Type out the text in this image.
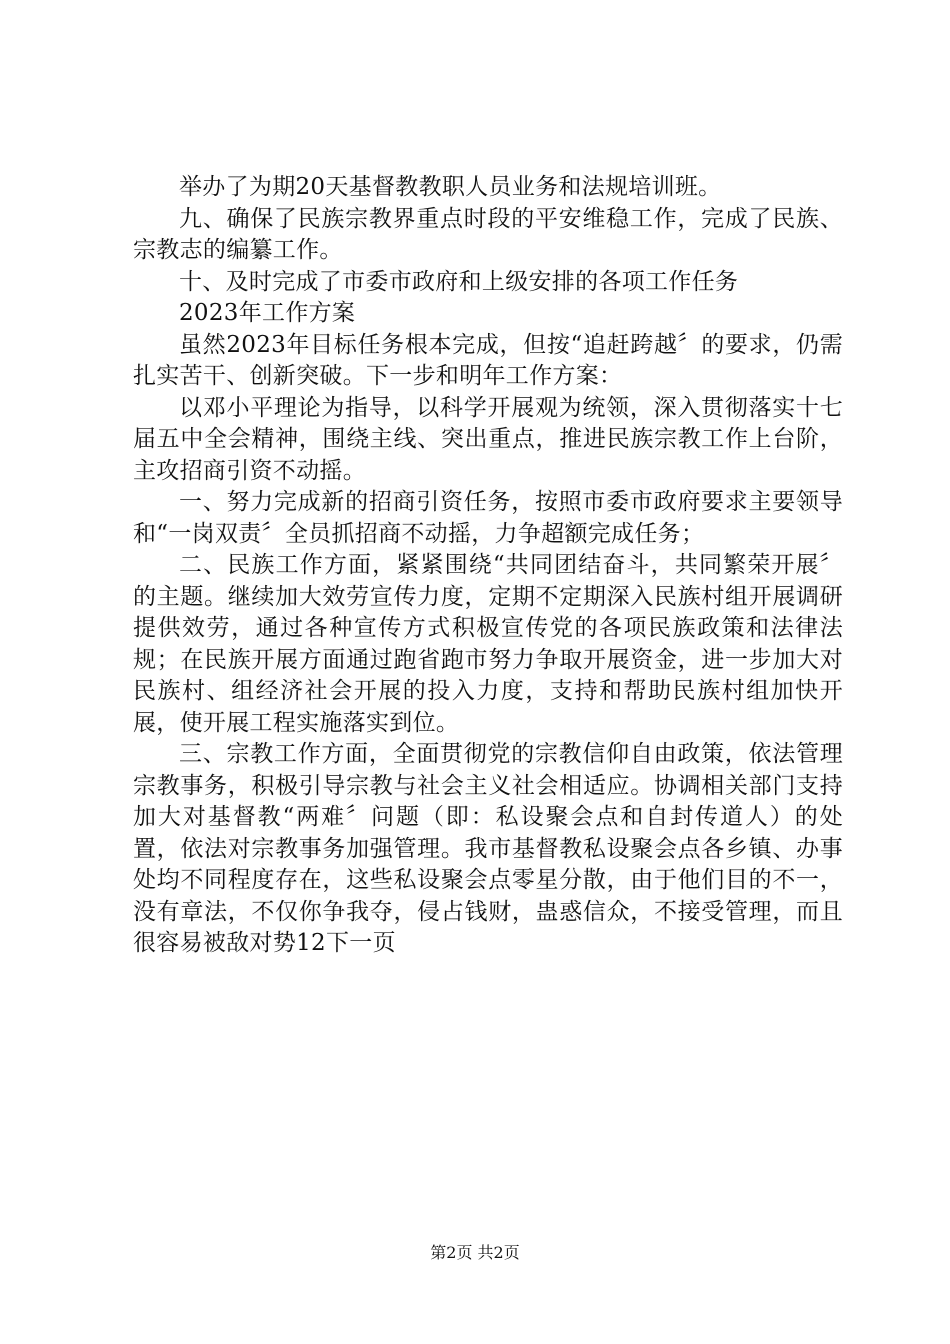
举办了为期20天基督教教职人员业务和法规培训班。

九、确保了民族宗教界重点时段的平安维稳工作，完成了民族、宗教志的编纂工作。

十、及时完成了市委市政府和上级安排的各项工作任务

2023年工作方案

虽然2023年目标任务根本完成，但按“追赶跨越〞的要求，仍需扎实苦干、创新突破。下一步和明年工作方案：

以邓小平理论为指导，以科学开展观为统领，深入贯彻落实十七届五中全会精神，围绕主线、突出重点，推进民族宗教工作上台阶，主攻招商引资不动摇。

一、努力完成新的招商引资任务，按照市委市政府要求主要领导和“一岗双责〞全员抓招商不动摇，力争超额完成任务；

二、民族工作方面，紧紧围绕“共同团结奋斗，共同繁荣开展〞的主题。继续加大效劳宣传力度，定期不定期深入民族村组开展调研提供效劳，通过各种宣传方式积极宣传党的各项民族政策和法律法规；在民族开展方面通过跑省跑市努力争取开展资金，进一步加大对民族村、组经济社会开展的投入力度，支持和帮助民族村组加快开展，使开展工程实施落实到位。

三、宗教工作方面，全面贯彻党的宗教信仰自由政策，依法管理宗教事务，积极引导宗教与社会主义社会相适应。协调相关部门支持加大对基督教“两难〞问题（即：私设聚会点和自封传道人）的处置，依法对宗教事务加强管理。我市基督教私设聚会点各乡镇、办事处均不同程度存在，这些私设聚会点零星分散，由于他们目的不一，没有章法，不仅你争我夺，侵占钱财，蛊惑信众，不接受管理，而且很容易被敌对势12下一页

第2页 共2页
